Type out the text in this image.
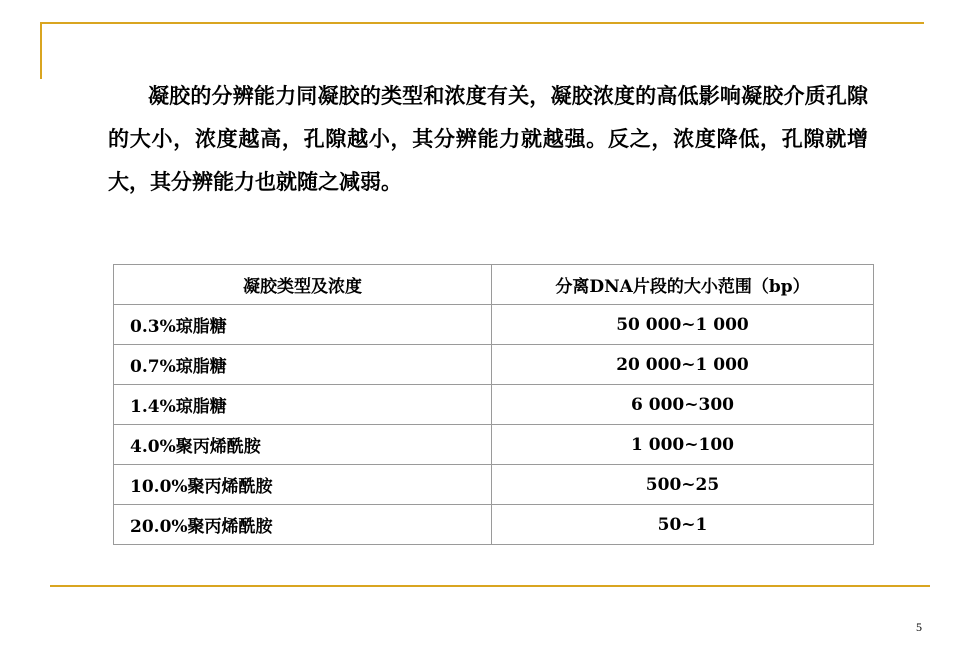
凝胶的分辨能力同凝胶的类型和浓度有关，凝胶浓度的高低影响凝胶介质孔隙的大小，浓度越高，孔隙越小，其分辨能力就越强。反之，浓度降低，孔隙就增大，其分辨能力也就随之减弱。

凝胶类型及浓度	分离DNA片段的大小范围（bp）
0.3%琼脂糖	50 000~1 000
0.7%琼脂糖	20 000~1 000
1.4%琼脂糖	6 000~300
4.0%聚丙烯酰胺	1 000~100
10.0%聚丙烯酰胺	500~25
20.0%聚丙烯酰胺	50~1
5
